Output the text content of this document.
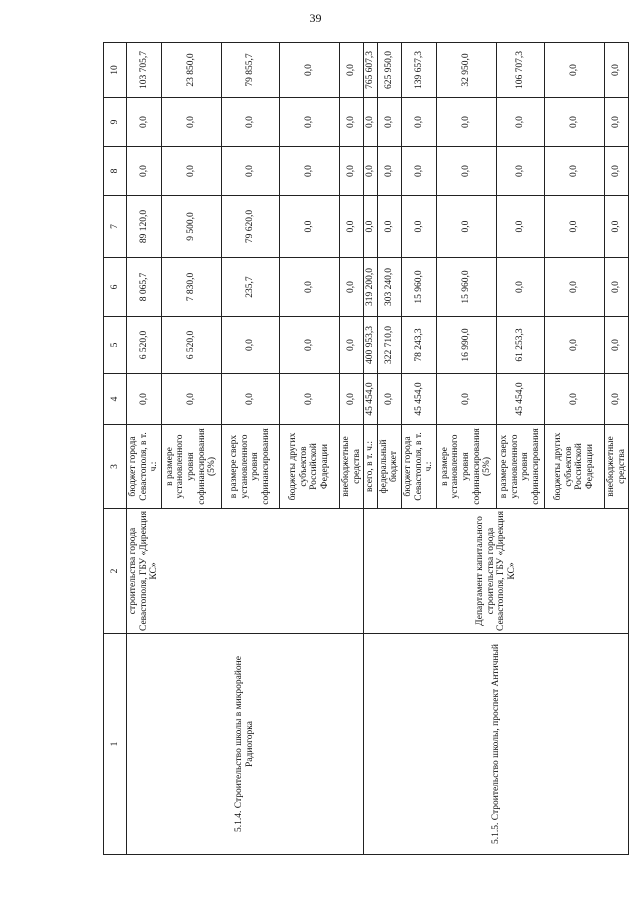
39
1	2	3	4	5	6	7	8	9	10
5.1.4. Строительство школы в микрорайоне Радиогорка	строительства города Севастополя, ГБУ «Дирекция КС»	бюджет города Севастополя, в т. ч.:	0,0	6 520,0	8 065,7	89 120,0	0,0	0,0	103 705,7
		в размере установленного уровня софинансирования (5%)	0,0	6 520,0	7 830,0	9 500,0	0,0	0,0	23 850,0
		в размере сверх установленного уровня софинансирования	0,0	0,0	235,7	79 620,0	0,0	0,0	79 855,7
		бюджеты других субъектов Российской Федерации	0,0	0,0	0,0	0,0	0,0	0,0	0,0
		внебюджетные средства	0,0	0,0	0,0	0,0	0,0	0,0	0,0
5.1.5. Строительство школы, проспект Античный	Департамент капитального строительства города Севастополя, ГБУ «Дирекция КС»	всего, в т. ч.:	45 454,0	400 953,3	319 200,0	0,0	0,0	0,0	765 607,3
		федеральный бюджет	0,0	322 710,0	303 240,0	0,0	0,0	0,0	625 950,0
		бюджет города Севастополя, в т. ч.:	45 454,0	78 243,3	15 960,0	0,0	0,0	0,0	139 657,3
		в размере установленного уровня софинансирования (5%)	0,0	16 990,0	15 960,0	0,0	0,0	0,0	32 950,0
		в размере сверх установленного уровня софинансирования	45 454,0	61 253,3	0,0	0,0	0,0	0,0	106 707,3
		бюджеты других субъектов Российской Федерации	0,0	0,0	0,0	0,0	0,0	0,0	0,0
		внебюджетные средства	0,0	0,0	0,0	0,0	0,0	0,0	0,0
